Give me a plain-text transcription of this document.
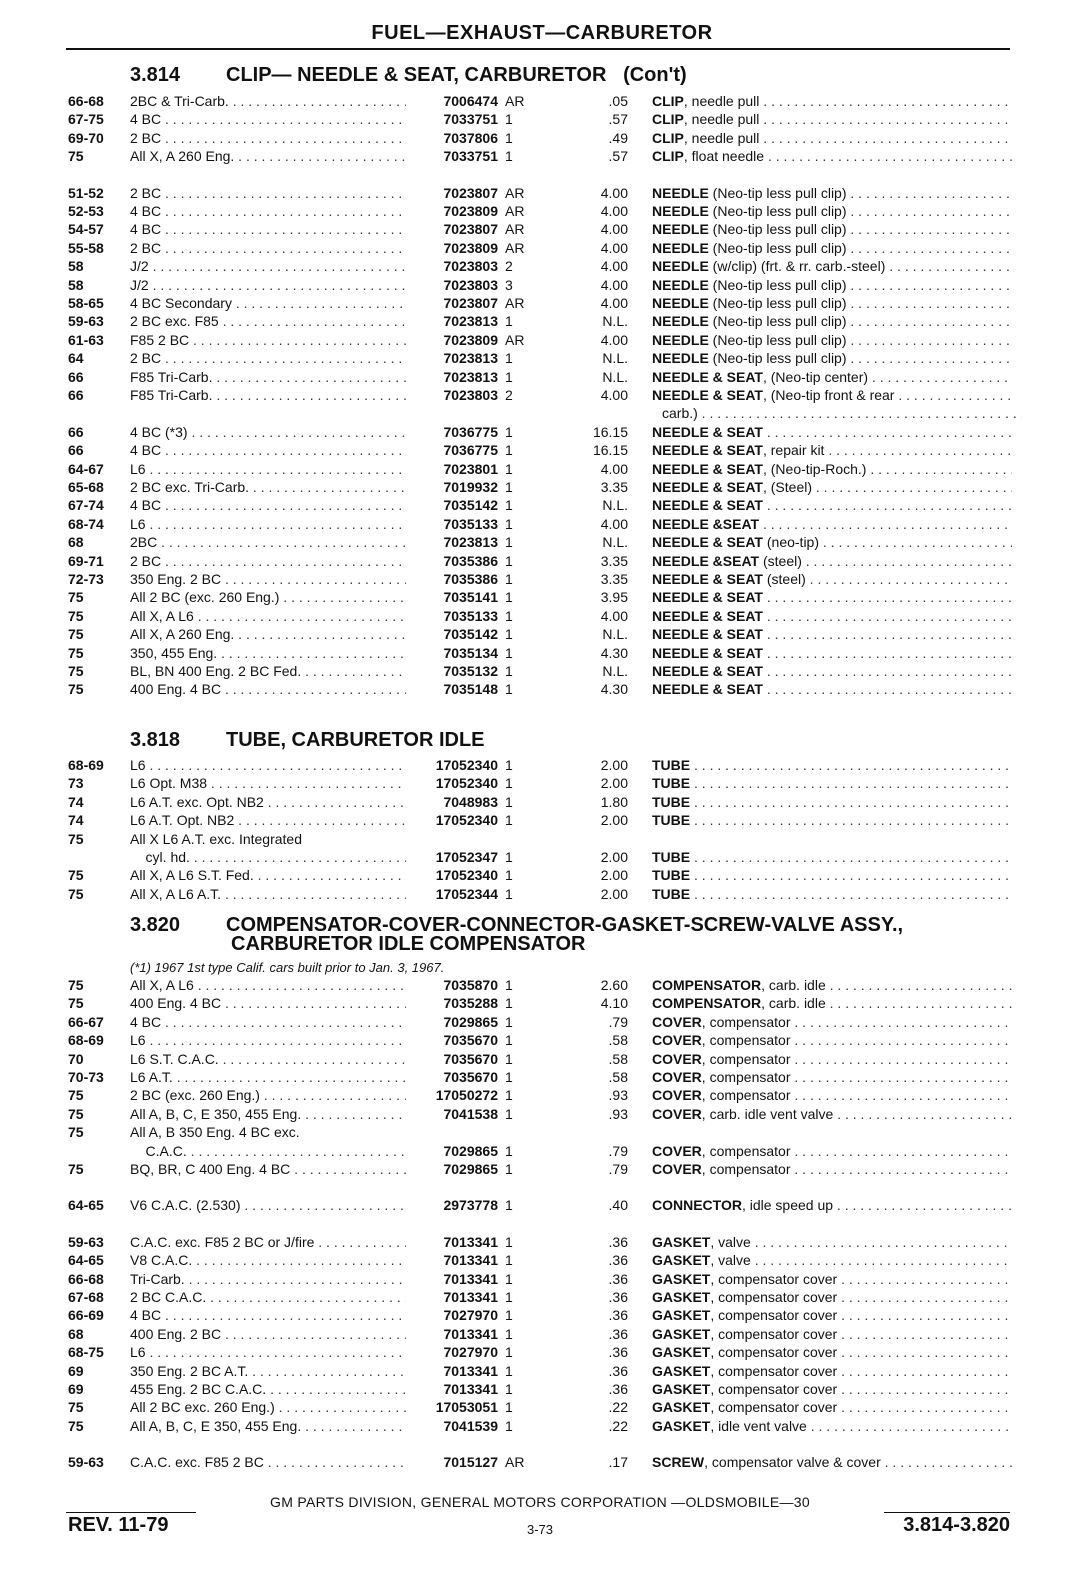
FUEL—EXHAUST—CARBURETOR
3.814 CLIP— NEEDLE & SEAT, CARBURETOR (Con't)
66-68	2BC & Tri-Carb. . . .	7006474 AR	.05 CLIP, needle pull . . .
67-75	4 BC . . .	7033751 1	.57 CLIP, needle pull . . .
69-70	2 BC . . .	7037806 1	.49 CLIP, needle pull . . .
75	All X, A 260 Eng. . . .	7033751 1	.57 CLIP, float needle . . .
51-52	2 BC . . .	7023807 AR	4.00 NEEDLE (Neo-tip less pull clip) . . .
52-53	4 BC . . .	7023809 AR	4.00 NEEDLE (Neo-tip less pull clip) . . .
54-57	4 BC . . .	7023807 AR	4.00 NEEDLE (Neo-tip less pull clip) . . .
55-58	2 BC . . .	7023809 AR	4.00 NEEDLE (Neo-tip less pull clip) . . .
58	J/2 . . .	7023803 2	4.00 NEEDLE (w/clip) (frt. & rr. carb.-steel) . . .
58	J/2 . . .	7023803 3	4.00 NEEDLE (Neo-tip less pull clip) . . .
58-65	4 BC Secondary . . .	7023807 AR	4.00 NEEDLE (Neo-tip less pull clip) . . .
59-63	2 BC exc. F85 . . .	7023813 1	N.L. NEEDLE (Neo-tip less pull clip) . . .
61-63	F85 2 BC . . .	7023809 AR	4.00 NEEDLE (Neo-tip less pull clip) . . .
64	2 BC . . .	7023813 1	N.L. NEEDLE (Neo-tip less pull clip) . . .
66	F85 Tri-Carb. . . .	7023813 1	N.L. NEEDLE & SEAT, (Neo-tip center) . . .
66	F85 Tri-Carb. . . .	7023803 2	4.00 NEEDLE & SEAT, (Neo-tip front & rear . . .
carb.) . . .
66	4 BC (*3) . . .	7036775 1	16.15 NEEDLE & SEAT . . .
66	4 BC . . .	7036775 1	16.15 NEEDLE & SEAT, repair kit . . .
64-67	L6 . . .	7023801 1	4.00 NEEDLE & SEAT, (Neo-tip-Roch.) . . .
65-68	2 BC exc. Tri-Carb. . . .	7019932 1	3.35 NEEDLE & SEAT, (Steel) . . .
67-74	4 BC . . .	7035142 1	N.L. NEEDLE & SEAT . . .
68-74	L6 . . .	7035133 1	4.00 NEEDLE &SEAT . . .
68	2BC . . .	7023813 1	N.L. NEEDLE & SEAT (neo-tip) . . .
69-71	2 BC . . .	7035386 1	3.35 NEEDLE &SEAT (steel) . . .
72-73	350 Eng. 2 BC . . .	7035386 1	3.35 NEEDLE & SEAT (steel) . . .
75	All 2 BC (exc. 260 Eng.) . . .	7035141 1	3.95 NEEDLE & SEAT . . .
75	All X, A L6 . . .	7035133 1	4.00 NEEDLE & SEAT . . .
75	All X, A 260 Eng. . . .	7035142 1	N.L. NEEDLE & SEAT . . .
75	350, 455 Eng. . . .	7035134 1	4.30 NEEDLE & SEAT . . .
75	BL, BN 400 Eng. 2 BC Fed. . . .	7035132 1	N.L. NEEDLE & SEAT . . .
75	400 Eng. 4 BC . . .	7035148 1	4.30 NEEDLE & SEAT . . .
3.818 TUBE, CARBURETOR IDLE
68-69	L6 . . .	17052340 1	2.00 TUBE . . .
73	L6 Opt. M38 . . .	17052340 1	2.00 TUBE . . .
74	L6 A.T. exc. Opt. NB2 . . .	7048983 1	1.80 TUBE . . .
74	L6 A.T. Opt. NB2 . . .	17052340 1	2.00 TUBE . . .
75	All X L6 A.T. exc. Integrated
cyl. hd. . . .	17052347 1	2.00 TUBE . . .
75	All X, A L6 S.T. Fed. . . .	17052340 1	2.00 TUBE . . .
75	All X, A L6 A.T. . . .	17052344 1	2.00 TUBE . . .
3.820 COMPENSATOR-COVER-CONNECTOR-GASKET-SCREW-VALVE ASSY.,
CARBURETOR IDLE COMPENSATOR
(*1) 1967 1st type Calif. cars built prior to Jan. 3, 1967.
75	All X, A L6 . . .	7035870 1	2.60 COMPENSATOR, carb. idle . . .
75	400 Eng. 4 BC . . .	7035288 1	4.10 COMPENSATOR, carb. idle . . .
66-67	4 BC . . .	7029865 1	.79 COVER, compensator . . .
68-69	L6 . . .	7035670 1	.58 COVER, compensator . . .
70	L6 S.T. C.A.C. . . .	7035670 1	.58 COVER, compensator . . .
70-73	L6 A.T. . . .	7035670 1	.58 COVER, compensator . . .
75	2 BC (exc. 260 Eng.) . . .	17050272 1	.93 COVER, compensator . . .
75	All A, B, C, E 350, 455 Eng. . . .	7041538 1	.93 COVER, carb. idle vent valve . . .
75	All A, B 350 Eng. 4 BC exc.
C.A.C. . . .	7029865 1	.79 COVER, compensator . . .
75	BQ, BR, C 400 Eng. 4 BC . . .	7029865 1	.79 COVER, compensator . . .
64-65	V6 C.A.C. (2.530) . . .	2973778 1	.40 CONNECTOR, idle speed up . . .
59-63	C.A.C. exc. F85 2 BC or J/fire . . .	7013341 1	.36 GASKET, valve . . .
64-65	V8 C.A.C. . . .	7013341 1	.36 GASKET, valve . . .
66-68	Tri-Carb. . . .	7013341 1	.36 GASKET, compensator cover . . .
67-68	2 BC C.A.C. . . .	7013341 1	.36 GASKET, compensator cover . . .
66-69	4 BC . . .	7027970 1	.36 GASKET, compensator cover . . .
68	400 Eng. 2 BC . . .	7013341 1	.36 GASKET, compensator cover . . .
68-75	L6 . . .	7027970 1	.36 GASKET, compensator cover . . .
69	350 Eng. 2 BC A.T. . . .	7013341 1	.36 GASKET, compensator cover . . .
69	455 Eng. 2 BC C.A.C. . . .	7013341 1	.36 GASKET, compensator cover . . .
75	All 2 BC exc. 260 Eng.) . . .	17053051 1	.22 GASKET, compensator cover . . .
75	All A, B, C, E 350, 455 Eng. . . .	7041539 1	.22 GASKET, idle vent valve . . .
59-63	C.A.C. exc. F85 2 BC . . .	7015127 AR	.17 SCREW, compensator valve & cover . . .
GM PARTS DIVISION, GENERAL MOTORS CORPORATION —OLDSMOBILE—30
REV. 11-79	3-73	3.814-3.820
